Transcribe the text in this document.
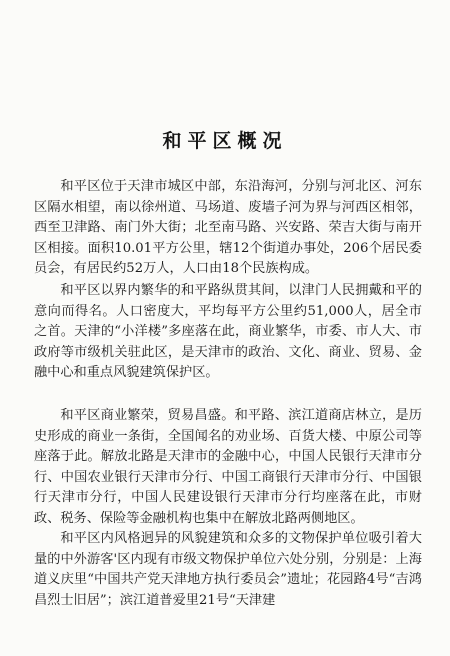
和平区概况

和平区位于天津市城区中部，东沿海河，分别与河北区、河东区隔水相望，南以徐州道、马场道、废墙子河为界与河西区相邻，西至卫津路、南门外大街；北至南马路、兴安路、荣吉大街与南开区相接。面积10.01平方公里，辖12个街道办事处，206个居民委员会，有居民约52万人，人口由18个民族构成。

和平区以界内繁华的和平路纵贯其间，以津门人民拥戴和平的意向而得名。人口密度大，平均每平方公里约51,000人，居全市之首。天津的“小洋楼”多座落在此，商业繁华，市委、市人大、市政府等市级机关驻此区，是天津市的政治、文化、商业、贸易、金融中心和重点风貌建筑保护区。

和平区商业繁荣，贸易昌盛。和平路、滨江道商店林立，是历史形成的商业一条街，全国闻名的劝业场、百货大楼、中原公司等座落于此。解放北路是天津市的金融中心，中国人民银行天津市分行、中国农业银行天津市分行、中国工商银行天津市分行、中国银行天津市分行，中国人民建设银行天津市分行均座落在此，市财政、税务、保险等金融机构也集中在解放北路两侧地区。

和平区内风格迥异的风貌建筑和众多的文物保护单位吸引着大量的中外游客'区内现有市级文物保护单位六处分别，分别是：上海道义庆里“中国共产党天津地方执行委员会”遗址；花园路4号“吉鸿昌烈士旧居”；滨江道普爱里21号“天津建
